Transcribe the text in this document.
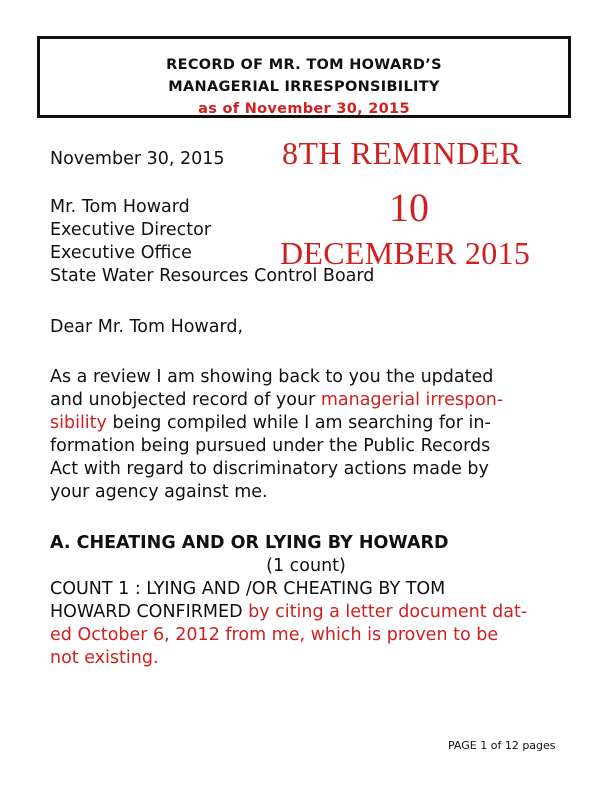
RECORD OF MR. TOM HOWARD’S
MANAGERIAL IRRESPONSIBILITY
as of November 30, 2015
November 30, 2015 8TH REMINDER
10
DECEMBER 2015
Mr. Tom Howard
Executive Director
Executive Office
State Water Resources Control Board
Dear Mr. Tom Howard,
As a review I am showing back to you the updated
and unobjected record of your managerial irrespon-
sibility being compiled while I am searching for in-
formation being pursued under the Public Records
Act with regard to discriminatory actions made by
your agency against me.
A. CHEATING AND OR LYING BY HOWARD
(1 count)
COUNT 1 : LYING AND /OR CHEATING BY TOM
HOWARD CONFIRMED by citing a letter document dat-
ed October 6, 2012 from me, which is proven to be
not existing.
PAGE 1 of 12 pages
